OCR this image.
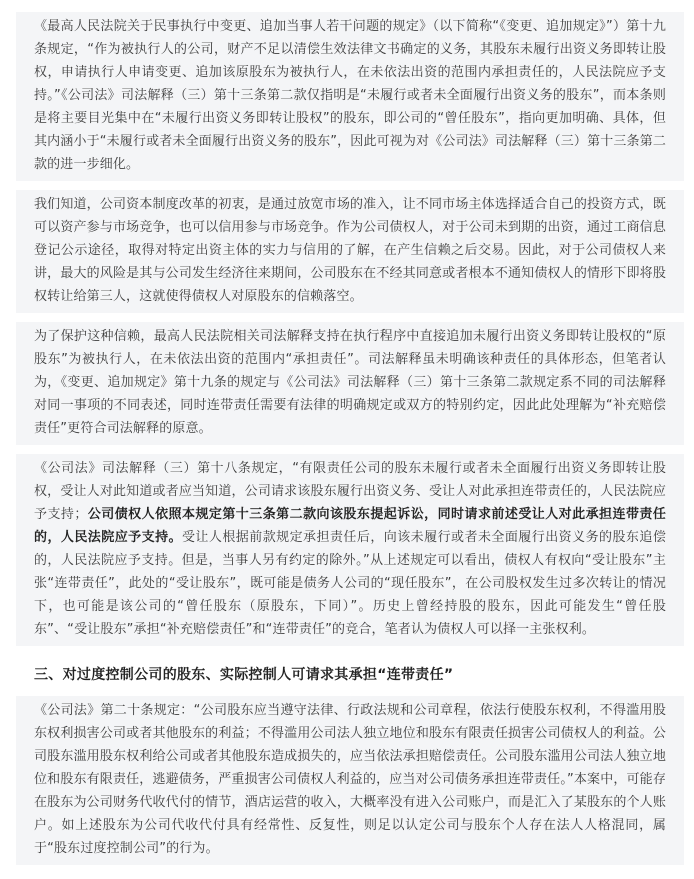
《最高人民法院关于民事执行中变更、追加当事人若干问题的规定》（以下简称“《变更、追加规定》”）第十九条规定，“作为被执行人的公司，财产不足以清偿生效法律文书确定的义务，其股东未履行出资义务即转让股权，申请执行人申请变更、追加该原股东为被执行人，在未依法出资的范围内承担责任的，人民法院应予支持。”《公司法》司法解释（三）第十三条第二款仅指明是“未履行或者未全面履行出资义务的股东”，而本条则是将主要目光集中在“未履行出资义务即转让股权”的股东，即公司的“曾任股东”，指向更加明确、具体，但其内涵小于“未履行或者未全面履行出资义务的股东”，因此可视为对《公司法》司法解释（三）第十三条第二款的进一步细化。
我们知道，公司资本制度改革的初衷，是通过放宽市场的准入，让不同市场主体选择适合自己的投资方式，既可以资产参与市场竞争，也可以信用参与市场竞争。作为公司债权人，对于公司未到期的出资，通过工商信息登记公示途径，取得对特定出资主体的实力与信用的了解，在产生信赖之后交易。因此，对于公司债权人来讲，最大的风险是其与公司发生经济往来期间，公司股东在不经其同意或者根本不通知债权人的情形下即将股权转让给第三人，这就使得债权人对原股东的信赖落空。
为了保护这种信赖，最高人民法院相关司法解释支持在执行程序中直接追加未履行出资义务即转让股权的“原股东”为被执行人，在未依法出资的范围内“承担责任”。司法解释虽未明确该种责任的具体形态，但笔者认为，《变更、追加规定》第十九条的规定与《公司法》司法解释（三）第十三条第二款规定系不同的司法解释对同一事项的不同表述，同时连带责任需要有法律的明确规定或双方的特别约定，因此此处理解为“补充赔偿责任”更符合司法解释的原意。
《公司法》司法解释（三）第十八条规定，“有限责任公司的股东未履行或者未全面履行出资义务即转让股权，受让人对此知道或者应当知道，公司请求该股东履行出资义务、受让人对此承担连带责任的，人民法院应予支持；公司债权人依照本规定第十三条第二款向该股东提起诉讼，同时请求前述受让人对此承担连带责任的，人民法院应予支持。受让人根据前款规定承担责任后，向该未履行或者未全面履行出资义务的股东追偿的，人民法院应予支持。但是，当事人另有约定的除外。”从上述规定可以看出，债权人有权向“受让股东”主张“连带责任”，此处的“受让股东”，既可能是债务人公司的“现任股东”，在公司股权发生过多次转让的情况下，也可能是该公司的“曾任股东（原股东，下同）”。历史上曾经持股的股东，因此可能发生“曾任股东”、“受让股东”承担“补充赔偿责任”和“连带责任”的竞合，笔者认为债权人可以择一主张权利。
三、对过度控制公司的股东、实际控制人可请求其承担“连带责任”
《公司法》第二十条规定：“公司股东应当遵守法律、行政法规和公司章程，依法行使股东权利，不得滥用股东权利损害公司或者其他股东的利益；不得滥用公司法人独立地位和股东有限责任损害公司债权人的利益。公司股东滥用股东权利给公司或者其他股东造成损失的，应当依法承担赔偿责任。公司股东滥用公司法人独立地位和股东有限责任，逃避债务，严重损害公司债权人利益的，应当对公司债务承担连带责任。”本案中，可能存在股东为公司财务代收代付的情节，酒店运营的收入，大概率没有进入公司账户，而是汇入了某股东的个人账户。如上述股东为公司代收代付具有经常性、反复性，则足以认定公司与股东个人存在法人人格混同，属于“股东过度控制公司”的行为。
